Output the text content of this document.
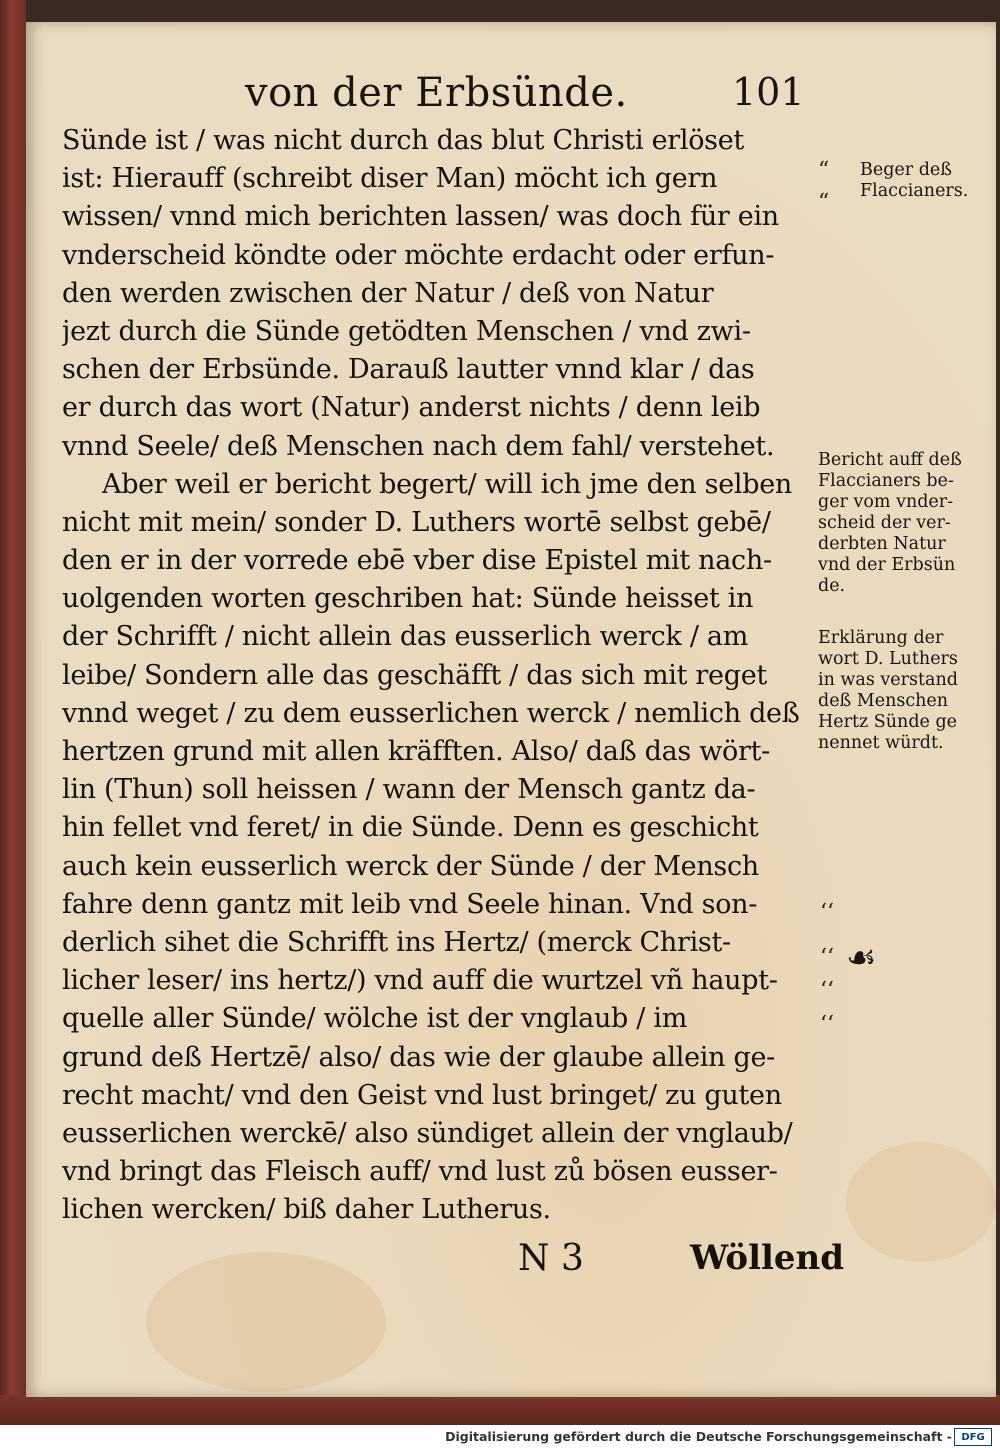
von der Erbsünde.	101
Sünde ist / was nicht durch das blut Christi erlöset
ist: Hierauff (schreibt diser Man) möcht ich gern
wissen/ vnnd mich berichten lassen/ was doch für ein
vnderscheid köndte oder möchte erdacht oder erfun-
den werden zwischen der Natur / deß von Natur
jezt durch die Sünde getödten Menschen / vnd zwi-
schen der Erbsünde. Darauß lautter vnnd klar / das
er durch das wort (Natur) anderst nichts / denn leib
vnnd Seele/ deß Menschen nach dem fahl/ verstehet.
Aber weil er bericht begert/ will ich jme den selben
nicht mit mein/ sonder D. Luthers wortē selbst gebē/
den er in der vorrede ebē vber dise Epistel mit nach-
uolgenden worten geschriben hat: Sünde heisset in
der Schrifft / nicht allein das eusserlich werck / am
leibe/ Sondern alle das geschäfft / das sich mit reget
vnnd weget / zu dem eusserlichen werck / nemlich deß
hertzen grund mit allen kräfften. Also/ daß das wört-
lin (Thun) soll heissen / wann der Mensch gantz da-
hin fellet vnd feret/ in die Sünde. Denn es geschicht
auch kein eusserlich werck der Sünde / der Mensch
fahre denn gantz mit leib vnd Seele hinan. Vnd son-
derlich sihet die Schrifft ins Hertz/ (merck Christ-
licher leser/ ins hertz/) vnd auff die wurtzel vñ haupt-
quelle aller Sünde/ wölche ist der vnglaub / im
grund deß Hertzē/ also/ das wie der glaube allein ge-
recht macht/ vnd den Geist vnd lust bringet/ zu guten
eusserlichen werckē/ also sündiget allein der vnglaub/
vnd bringt das Fleisch auff/ vnd lust zů bösen eusser-
lichen wercken/ biß daher Lutherus.
N 3	Wöllend
“
“
‘‘
‘‘
‘‘
‘‘
☙
Beger deß
Flaccianers.
Bericht auff deß
Flaccianers be-
ger vom vnder-
scheid der ver-
derbten Natur
vnd der Erbsün
de.
Erklärung der
wort D. Luthers
in was verstand
deß Menschen
Hertz Sünde ge
nennet würdt.
Digitalisierung gefördert durch die Deutsche Forschungsgemeinschaft - DFG
